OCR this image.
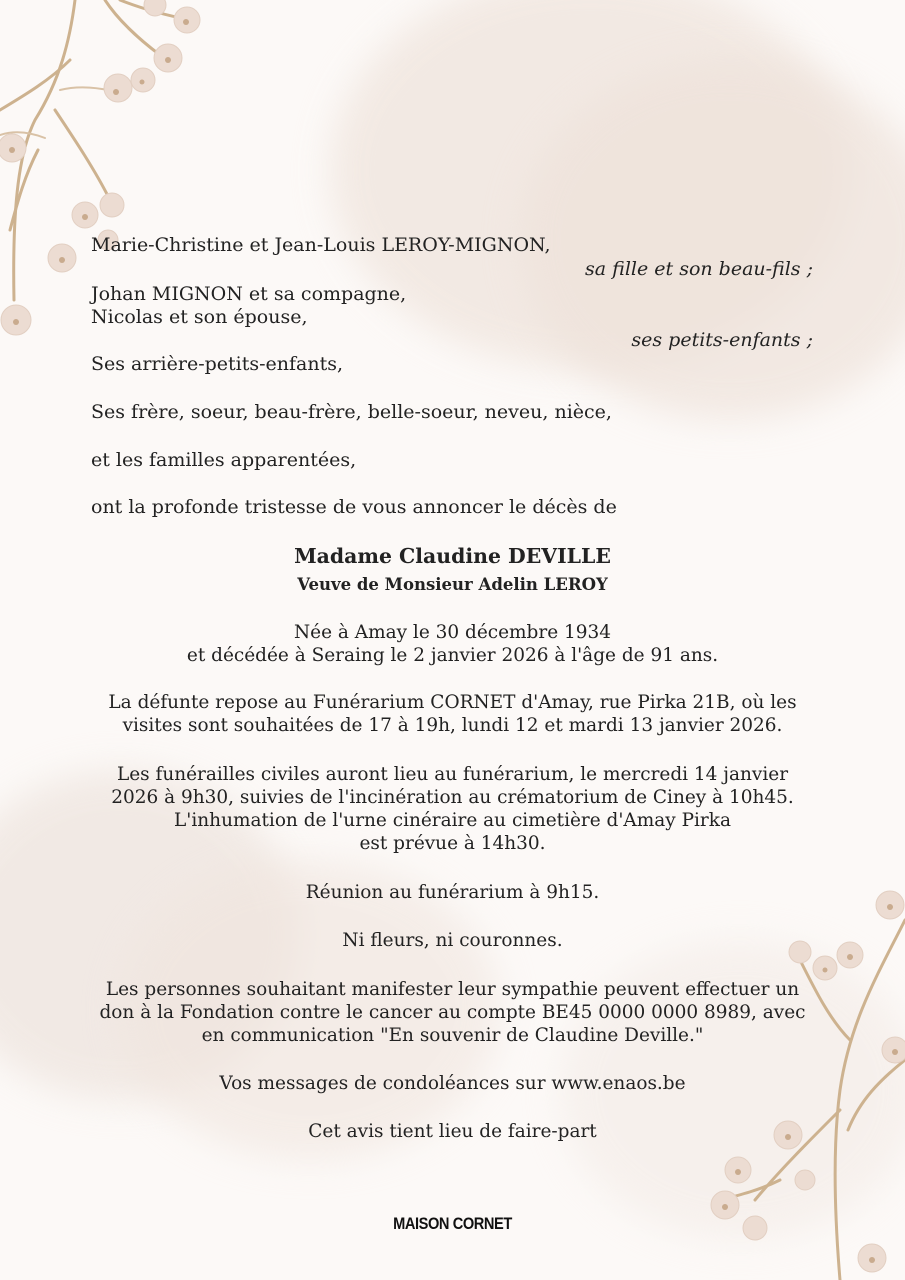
Marie-Christine et Jean-Louis LEROY-MIGNON,
sa fille et son beau-fils ;
Johan MIGNON et sa compagne,
Nicolas et son épouse,
ses petits-enfants ;
Ses arrière-petits-enfants,
Ses frère, soeur, beau-frère, belle-soeur, neveu, nièce,
et les familles apparentées,
ont la profonde tristesse de vous annoncer le décès de
Madame Claudine DEVILLE
Veuve de Monsieur Adelin LEROY
Née à Amay le 30 décembre 1934
et décédée à Seraing le 2 janvier 2026 à l'âge de 91 ans.
La défunte repose au Funérarium CORNET d'Amay, rue Pirka 21B, où les
visites sont souhaitées de 17 à 19h, lundi 12 et mardi 13 janvier 2026.
Les funérailles civiles auront lieu au funérarium, le mercredi 14 janvier
2026 à 9h30, suivies de l'incinération au crématorium de Ciney à 10h45.
L'inhumation de l'urne cinéraire au cimetière d'Amay Pirka
est prévue à 14h30.
Réunion au funérarium à 9h15.
Ni fleurs, ni couronnes.
Les personnes souhaitant manifester leur sympathie peuvent effectuer un
don à la Fondation contre le cancer au compte BE45 0000 0000 8989, avec
en communication "En souvenir de Claudine Deville."
Vos messages de condoléances sur www.enaos.be
Cet avis tient lieu de faire-part
MAISON CORNET
